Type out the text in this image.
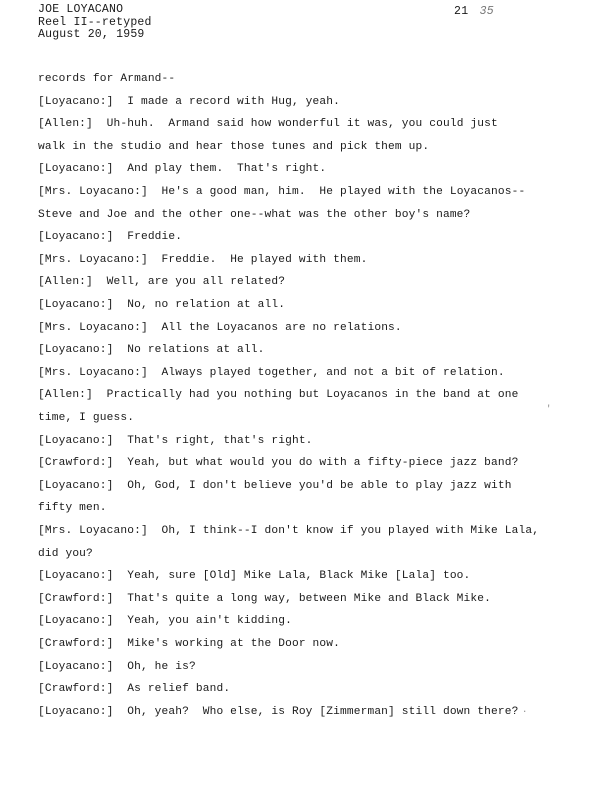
JOE LOYACANO
Reel II--retyped
August 20, 1959
21 35
records for Armand--
[Loyacano:]  I made a record with Hug, yeah.
[Allen:]  Uh-huh.  Armand said how wonderful it was, you could just
walk in the studio and hear those tunes and pick them up.
[Loyacano:]  And play them.  That's right.
[Mrs. Loyacano:]  He's a good man, him.  He played with the Loyacanos--
Steve and Joe and the other one--what was the other boy's name?
[Loyacano:]  Freddie.
[Mrs. Loyacano:]  Freddie.  He played with them.
[Allen:]  Well, are you all related?
[Loyacano:]  No, no relation at all.
[Mrs. Loyacano:]  All the Loyacanos are no relations.
[Loyacano:]  No relations at all.
[Mrs. Loyacano:]  Always played together, and not a bit of relation.
[Allen:]  Practically had you nothing but Loyacanos in the band at one
time, I guess.
[Loyacano:]  That's right, that's right.
[Crawford:]  Yeah, but what would you do with a fifty-piece jazz band?
[Loyacano:]  Oh, God, I don't believe you'd be able to play jazz with
fifty men.
[Mrs. Loyacano:]  Oh, I think--I don't know if you played with Mike Lala,
did you?
[Loyacano:]  Yeah, sure [Old] Mike Lala, Black Mike [Lala] too.
[Crawford:]  That's quite a long way, between Mike and Black Mike.
[Loyacano:]  Yeah, you ain't kidding.
[Crawford:]  Mike's working at the Door now.
[Loyacano:]  Oh, he is?
[Crawford:]  As relief band.
[Loyacano:]  Oh, yeah?  Who else, is Roy [Zimmerman] still down there? .
'
